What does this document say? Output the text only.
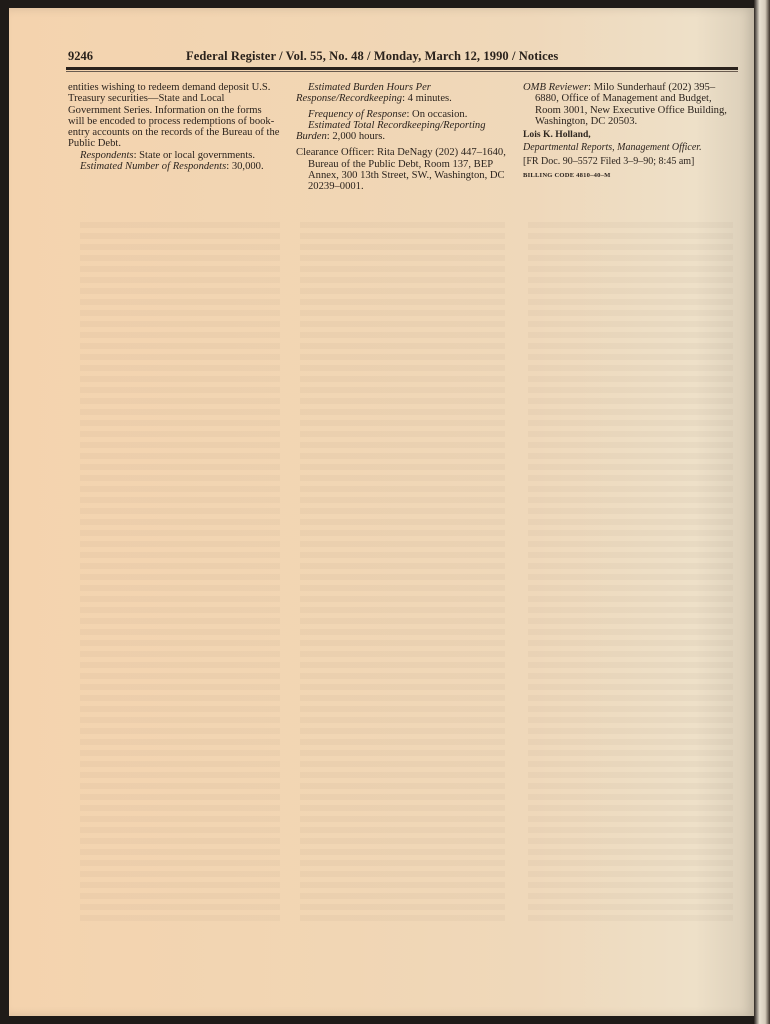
9246	Federal Register / Vol. 55, No. 48 / Monday, March 12, 1990 / Notices

entities wishing to redeem demand deposit U.S. Treasury securities—State and Local Government Series. Information on the forms will be encoded to process redemptions of book-entry accounts on the records of the Bureau of the Public Debt.

Respondents: State or local governments.

Estimated Number of Respondents: 30,000.

Estimated Burden Hours Per Response/Recordkeeping: 4 minutes.

Frequency of Response: On occasion.

Estimated Total Recordkeeping/Reporting Burden: 2,000 hours.

Clearance Officer: Rita DeNagy (202) 447–1640, Bureau of the Public Debt, Room 137, BEP Annex, 300 13th Street, SW., Washington, DC 20239–0001.

OMB Reviewer: Milo Sunderhauf (202) 395–6880, Office of Management and Budget, Room 3001, New Executive Office Building, Washington, DC 20503.

Lois K. Holland,

Departmental Reports, Management Officer.

[FR Doc. 90–5572 Filed 3–9–90; 8:45 am]

BILLING CODE 4810–40–M
